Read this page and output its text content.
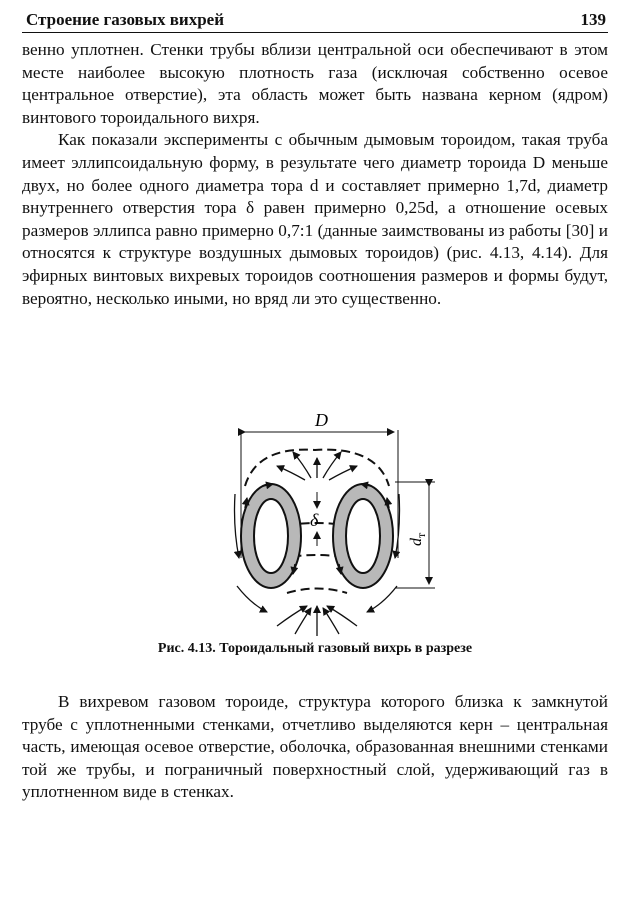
Строение газовых вихрей	139

венно уплотнен. Стенки трубы вблизи центральной оси обеспечивают в этом месте наиболее высокую плотность газа (исключая собственно осевое центральное отверстие), эта область может быть названа керном (ядром) винтового тороидального вихря.

Как показали эксперименты с обычным дымовым тороидом, такая труба имеет эллипсоидальную форму, в результате чего диаметр тороида D меньше двух, но более одного диаметра тора d и составляет примерно 1,7d, диаметр внутреннего отверстия тора δ равен примерно 0,25d, а отношение осевых размеров эллипса равно примерно 0,7:1 (данные заимствованы из работы [30] и относятся к структуре воздушных дымовых тороидов) (рис. 4.13, 4.14). Для эфирных винтовых вихревых тороидов соотношения размеров и формы будут, вероятно, несколько иными, но вряд ли это существенно.

D
$d_т$
δ
Рис. 4.13. Тороидальный газовый вихрь в разрезе

В вихревом газовом тороиде, структура которого близка к замкнутой трубе с уплотненными стенками, отчетливо выделяются керн – центральная часть, имеющая осевое отверстие, оболочка, образованная внешними стенками той же трубы, и пограничный поверхностный слой, удерживающий газ в уплотненном виде в стенках.
